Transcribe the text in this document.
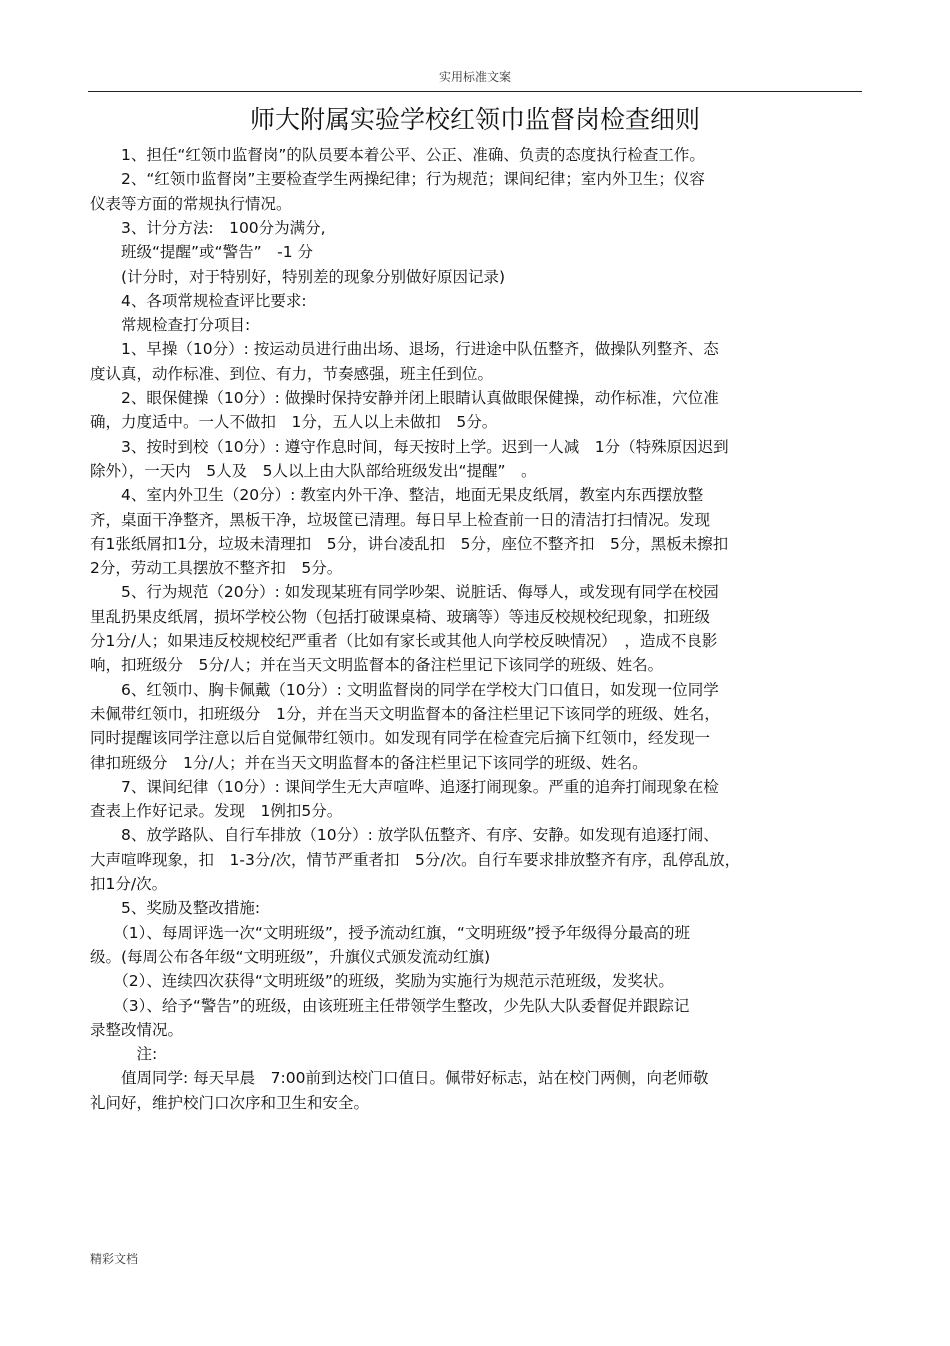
实用标准文案
师大附属实验学校红领巾监督岗检查细则
　　1、担任“红领巾监督岗”的队员要本着公平、公正、准确、负责的态度执行检查工作。
　　2、“红领巾监督岗”主要检查学生两操纪律；行为规范；课间纪律；室内外卫生；仪容
仪表等方面的常规执行情况。
　　3、计分方法:　100分为满分,
　　班级“提醒”或“警告”　-1 分
　　(计分时，对于特别好，特别差的现象分别做好原因记录)
　　4、各项常规检查评比要求:
　　常规检查打分项目:
　　1、早操（10分）: 按运动员进行曲出场、退场，行进途中队伍整齐，做操队列整齐、态
度认真，动作标准、到位、有力，节奏感强，班主任到位。
　　2、眼保健操（10分）: 做操时保持安静并闭上眼睛认真做眼保健操，动作标准，穴位准
确，力度适中。一人不做扣　1分，五人以上未做扣　5分。
　　3、按时到校（10分）: 遵守作息时间，每天按时上学。迟到一人减　1分（特殊原因迟到
除外），一天内　5人及　5人以上由大队部给班级发出“提醒”　。
　　4、室内外卫生（20分）: 教室内外干净、整洁，地面无果皮纸屑，教室内东西摆放整
齐，桌面干净整齐，黑板干净，垃圾筐已清理。每日早上检查前一日的清洁打扫情况。发现
有1张纸屑扣1分，垃圾未清理扣　5分，讲台凌乱扣　5分，座位不整齐扣　5分，黑板未擦扣
2分，劳动工具摆放不整齐扣　5分。
　　5、行为规范（20分）: 如发现某班有同学吵架、说脏话、侮辱人，或发现有同学在校园
里乱扔果皮纸屑，损坏学校公物（包括打破课桌椅、玻璃等）等违反校规校纪现象，扣班级
分1分/人；如果违反校规校纪严重者（比如有家长或其他人向学校反映情况）　，造成不良影
响，扣班级分　5分/人；并在当天文明监督本的备注栏里记下该同学的班级、姓名。
　　6、红领巾、胸卡佩戴（10分）: 文明监督岗的同学在学校大门口值日，如发现一位同学
未佩带红领巾，扣班级分　1分，并在当天文明监督本的备注栏里记下该同学的班级、姓名，
同时提醒该同学注意以后自觉佩带红领巾。如发现有同学在检查完后摘下红领巾，经发现一
律扣班级分　1分/人；并在当天文明监督本的备注栏里记下该同学的班级、姓名。
　　7、课间纪律（10分）: 课间学生无大声喧哗、追逐打闹现象。严重的追奔打闹现象在检
查表上作好记录。发现　1例扣5分。
　　8、放学路队、自行车排放（10分）: 放学队伍整齐、有序、安静。如发现有追逐打闹、
大声喧哗现象，扣　1-3分/次，情节严重者扣　5分/次。自行车要求排放整齐有序，乱停乱放，
扣1分/次。
　　5、奖励及整改措施:
　　（1）、每周评选一次“文明班级”，授予流动红旗，“文明班级”授予年级得分最高的班
级。(每周公布各年级“文明班级”，升旗仪式颁发流动红旗)
　　（2）、连续四次获得“文明班级”的班级，奖励为实施行为规范示范班级，发奖状。
　　（3）、给予“警告”的班级，由该班班主任带领学生整改，少先队大队委督促并跟踪记
录整改情况。
　　　注:
　　值周同学: 每天早晨　7:00前到达校门口值日。佩带好标志，站在校门两侧，向老师敬
礼问好，维护校门口次序和卫生和安全。
精彩文档
